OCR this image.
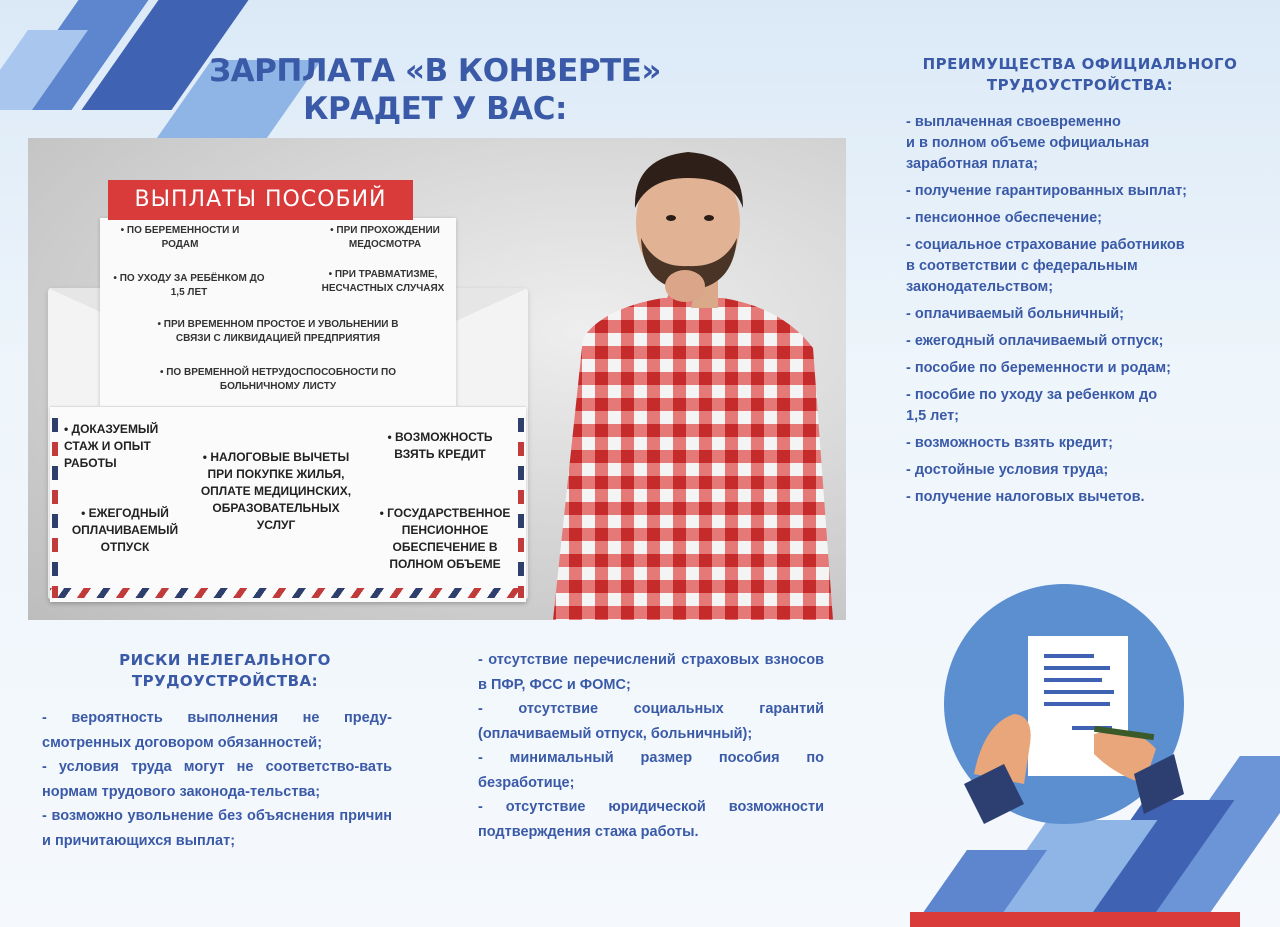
ЗАРПЛАТА «В КОНВЕРТЕ»
КРАДЕТ У ВАС:
• ПО БЕРЕМЕННОСТИ И
РОДАМ
• ПРИ ПРОХОЖДЕНИИ
МЕДОСМОТРА
• ПО УХОДУ ЗА РЕБЁНКОМ ДО
1,5 ЛЕТ
• ПРИ ТРАВМАТИЗМЕ,
НЕСЧАСТНЫХ СЛУЧАЯХ
• ПРИ ВРЕМЕННОМ ПРОСТОЕ И УВОЛЬНЕНИИ В
СВЯЗИ С ЛИКВИДАЦИЕЙ ПРЕДПРИЯТИЯ
• ПО ВРЕМЕННОЙ НЕТРУДОСПОСОБНОСТИ ПО
БОЛЬНИЧНОМУ ЛИСТУ
ВЫПЛАТЫ ПОСОБИЙ
• ДОКАЗУЕМЫЙ
СТАЖ И ОПЫТ
РАБОТЫ	• НАЛОГОВЫЕ ВЫЧЕТЫ
ПРИ ПОКУПКЕ ЖИЛЬЯ,
ОПЛАТЕ МЕДИЦИНСКИХ,
ОБРАЗОВАТЕЛЬНЫХ
УСЛУГ
• ВОЗМОЖНОСТЬ
ВЗЯТЬ КРЕДИТ
• ЕЖЕГОДНЫЙ
ОПЛАЧИВАЕМЫЙ
ОТПУСК
• ГОСУДАРСТВЕННОЕ
ПЕНСИОННОЕ
ОБЕСПЕЧЕНИЕ В
ПОЛНОМ ОБЪЕМЕ
РИСКИ НЕЛЕГАЛЬНОГО
ТРУДОУСТРОЙСТВА:

- вероятность выполнения не преду-смотренных договором обязанностей;

- условия труда могут не соответство-вать нормам трудового законода-тельства;

- возможно увольнение без объяснения причин и причитающихся выплат;

- отсутствие перечислений страховых взносов в ПФР, ФСС и ФОМС;

- отсутствие социальных гарантий (оплачиваемый отпуск, больничный);

- минимальный размер пособия по безработице;

- отсутствие юридической возможности подтверждения стажа работы.

ПРЕИМУЩЕСТВА ОФИЦИАЛЬНОГО
ТРУДОУСТРОЙСТВА:
- выплаченная своевременно
и в полном объеме официальная
заработная плата;
- получение гарантированных выплат;
- пенсионное обеспечение;
- социальное страхование работников
в соответствии с федеральным
законодательством;
- оплачиваемый больничный;
- ежегодный оплачиваемый отпуск;
- пособие по беременности и родам;
- пособие по уходу за ребенком до
1,5 лет;
- возможность взять кредит;
- достойные условия труда;
- получение налоговых вычетов.
